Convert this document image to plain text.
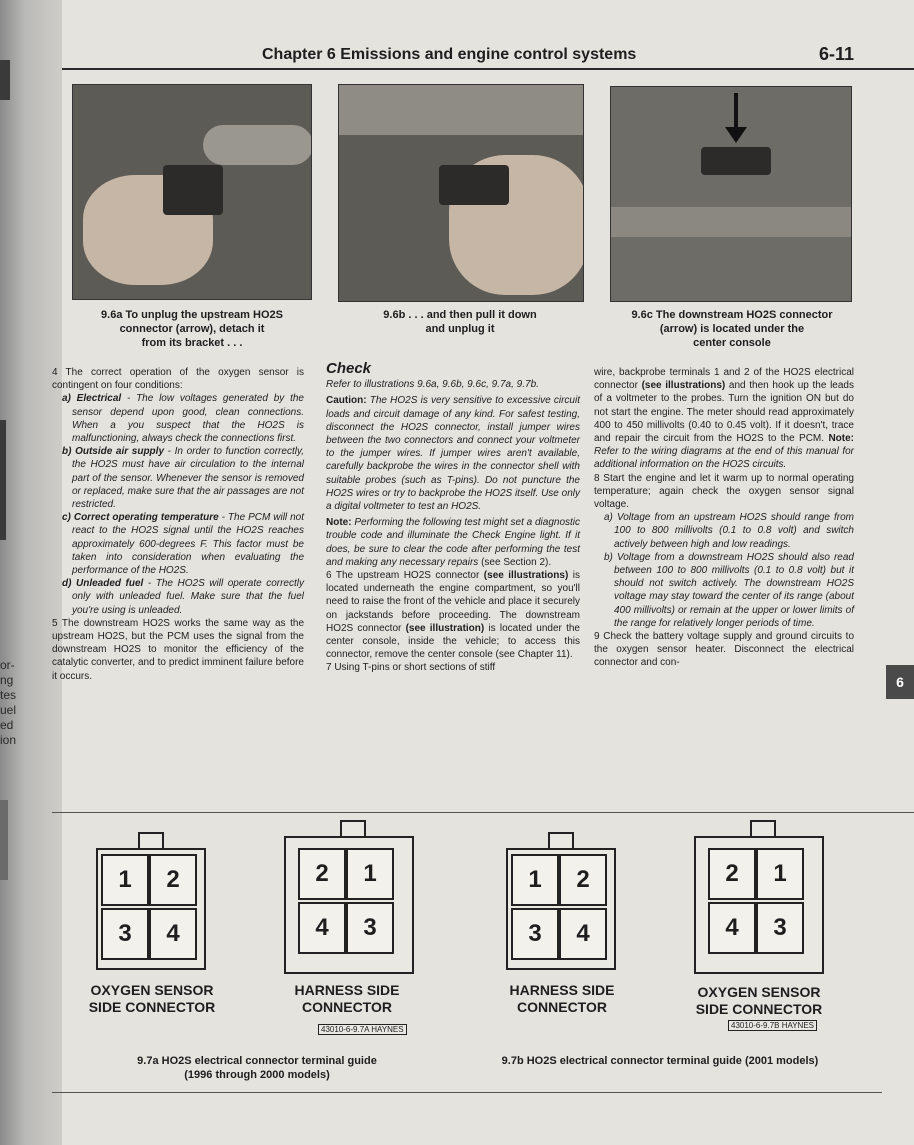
or-
ng
tes
uel
ed
ion
Chapter 6 Emissions and engine control systems	6-11
9.6a To unplug the upstream HO2S
connector (arrow), detach it
from its bracket . . .
9.6b . . . and then pull it down
and unplug it
9.6c The downstream HO2S connector
(arrow) is located under the
center console

4 The correct operation of the oxygen sensor is contingent on four conditions:

a) Electrical - The low voltages generated by the sensor depend upon good, clean connections. When a you suspect that the HO2S is malfunctioning, always check the connections first.

b) Outside air supply - In order to function correctly, the HO2S must have air circulation to the internal part of the sensor. Whenever the sensor is removed or replaced, make sure that the air passages are not restricted.

c) Correct operating temperature - The PCM will not react to the HO2S signal until the HO2S reaches approximately 600-degrees F. This factor must be taken into consideration when evaluating the performance of the HO2S.

d) Unleaded fuel - The HO2S will operate correctly only with unleaded fuel. Make sure that the fuel you're using is unleaded.

5 The downstream HO2S works the same way as the upstream HO2S, but the PCM uses the signal from the downstream HO2S to monitor the efficiency of the catalytic converter, and to predict imminent failure before it occurs.

Check

Refer to illustrations 9.6a, 9.6b, 9.6c, 9.7a, 9.7b.

Caution: The HO2S is very sensitive to excessive circuit loads and circuit damage of any kind. For safest testing, disconnect the HO2S connector, install jumper wires between the two connectors and connect your voltmeter to the jumper wires. If jumper wires aren't available, carefully backprobe the wires in the connector shell with suitable probes (such as T-pins). Do not puncture the HO2S wires or try to backprobe the HO2S itself. Use only a digital voltmeter to test an HO2S.

Note: Performing the following test might set a diagnostic trouble code and illuminate the Check Engine light. If it does, be sure to clear the code after performing the test and making any necessary repairs (see Section 2).

6 The upstream HO2S connector (see illustrations) is located underneath the engine compartment, so you'll need to raise the front of the vehicle and place it securely on jackstands before proceeding. The downstream HO2S connector (see illustration) is located under the center console, inside the vehicle; to access this connector, remove the center console (see Chapter 11).

7 Using T-pins or short sections of stiff

wire, backprobe terminals 1 and 2 of the HO2S electrical connector (see illustrations) and then hook up the leads of a voltmeter to the probes. Turn the ignition ON but do not start the engine. The meter should read approximately 400 to 450 millivolts (0.40 to 0.45 volt). If it doesn't, trace and repair the circuit from the HO2S to the PCM. Note: Refer to the wiring diagrams at the end of this manual for additional information on the HO2S circuits.

8 Start the engine and let it warm up to normal operating temperature; again check the oxygen sensor signal voltage.

a) Voltage from an upstream HO2S should range from 100 to 800 millivolts (0.1 to 0.8 volt) and switch actively between high and low readings.

b) Voltage from a downstream HO2S should also read between 100 to 800 millivolts (0.1 to 0.8 volt) but it should not switch actively. The downstream HO2S voltage may stay toward the center of its range (about 400 millivolts) or remain at the upper or lower limits of the range for relatively longer periods of time.

9 Check the battery voltage supply and ground circuits to the oxygen sensor heater. Disconnect the electrical connector and con-

6
1	2
3	4
OXYGEN SENSOR
SIDE CONNECTOR
2	1
4	3
HARNESS SIDE
CONNECTOR
43010-6-9.7A HAYNES
1	2
3	4
HARNESS SIDE
CONNECTOR
2	1
4	3
OXYGEN SENSOR
SIDE CONNECTOR
43010-6-9.7B HAYNES
9.7a HO2S electrical connector terminal guide
(1996 through 2000 models)
9.7b HO2S electrical connector terminal guide (2001 models)
